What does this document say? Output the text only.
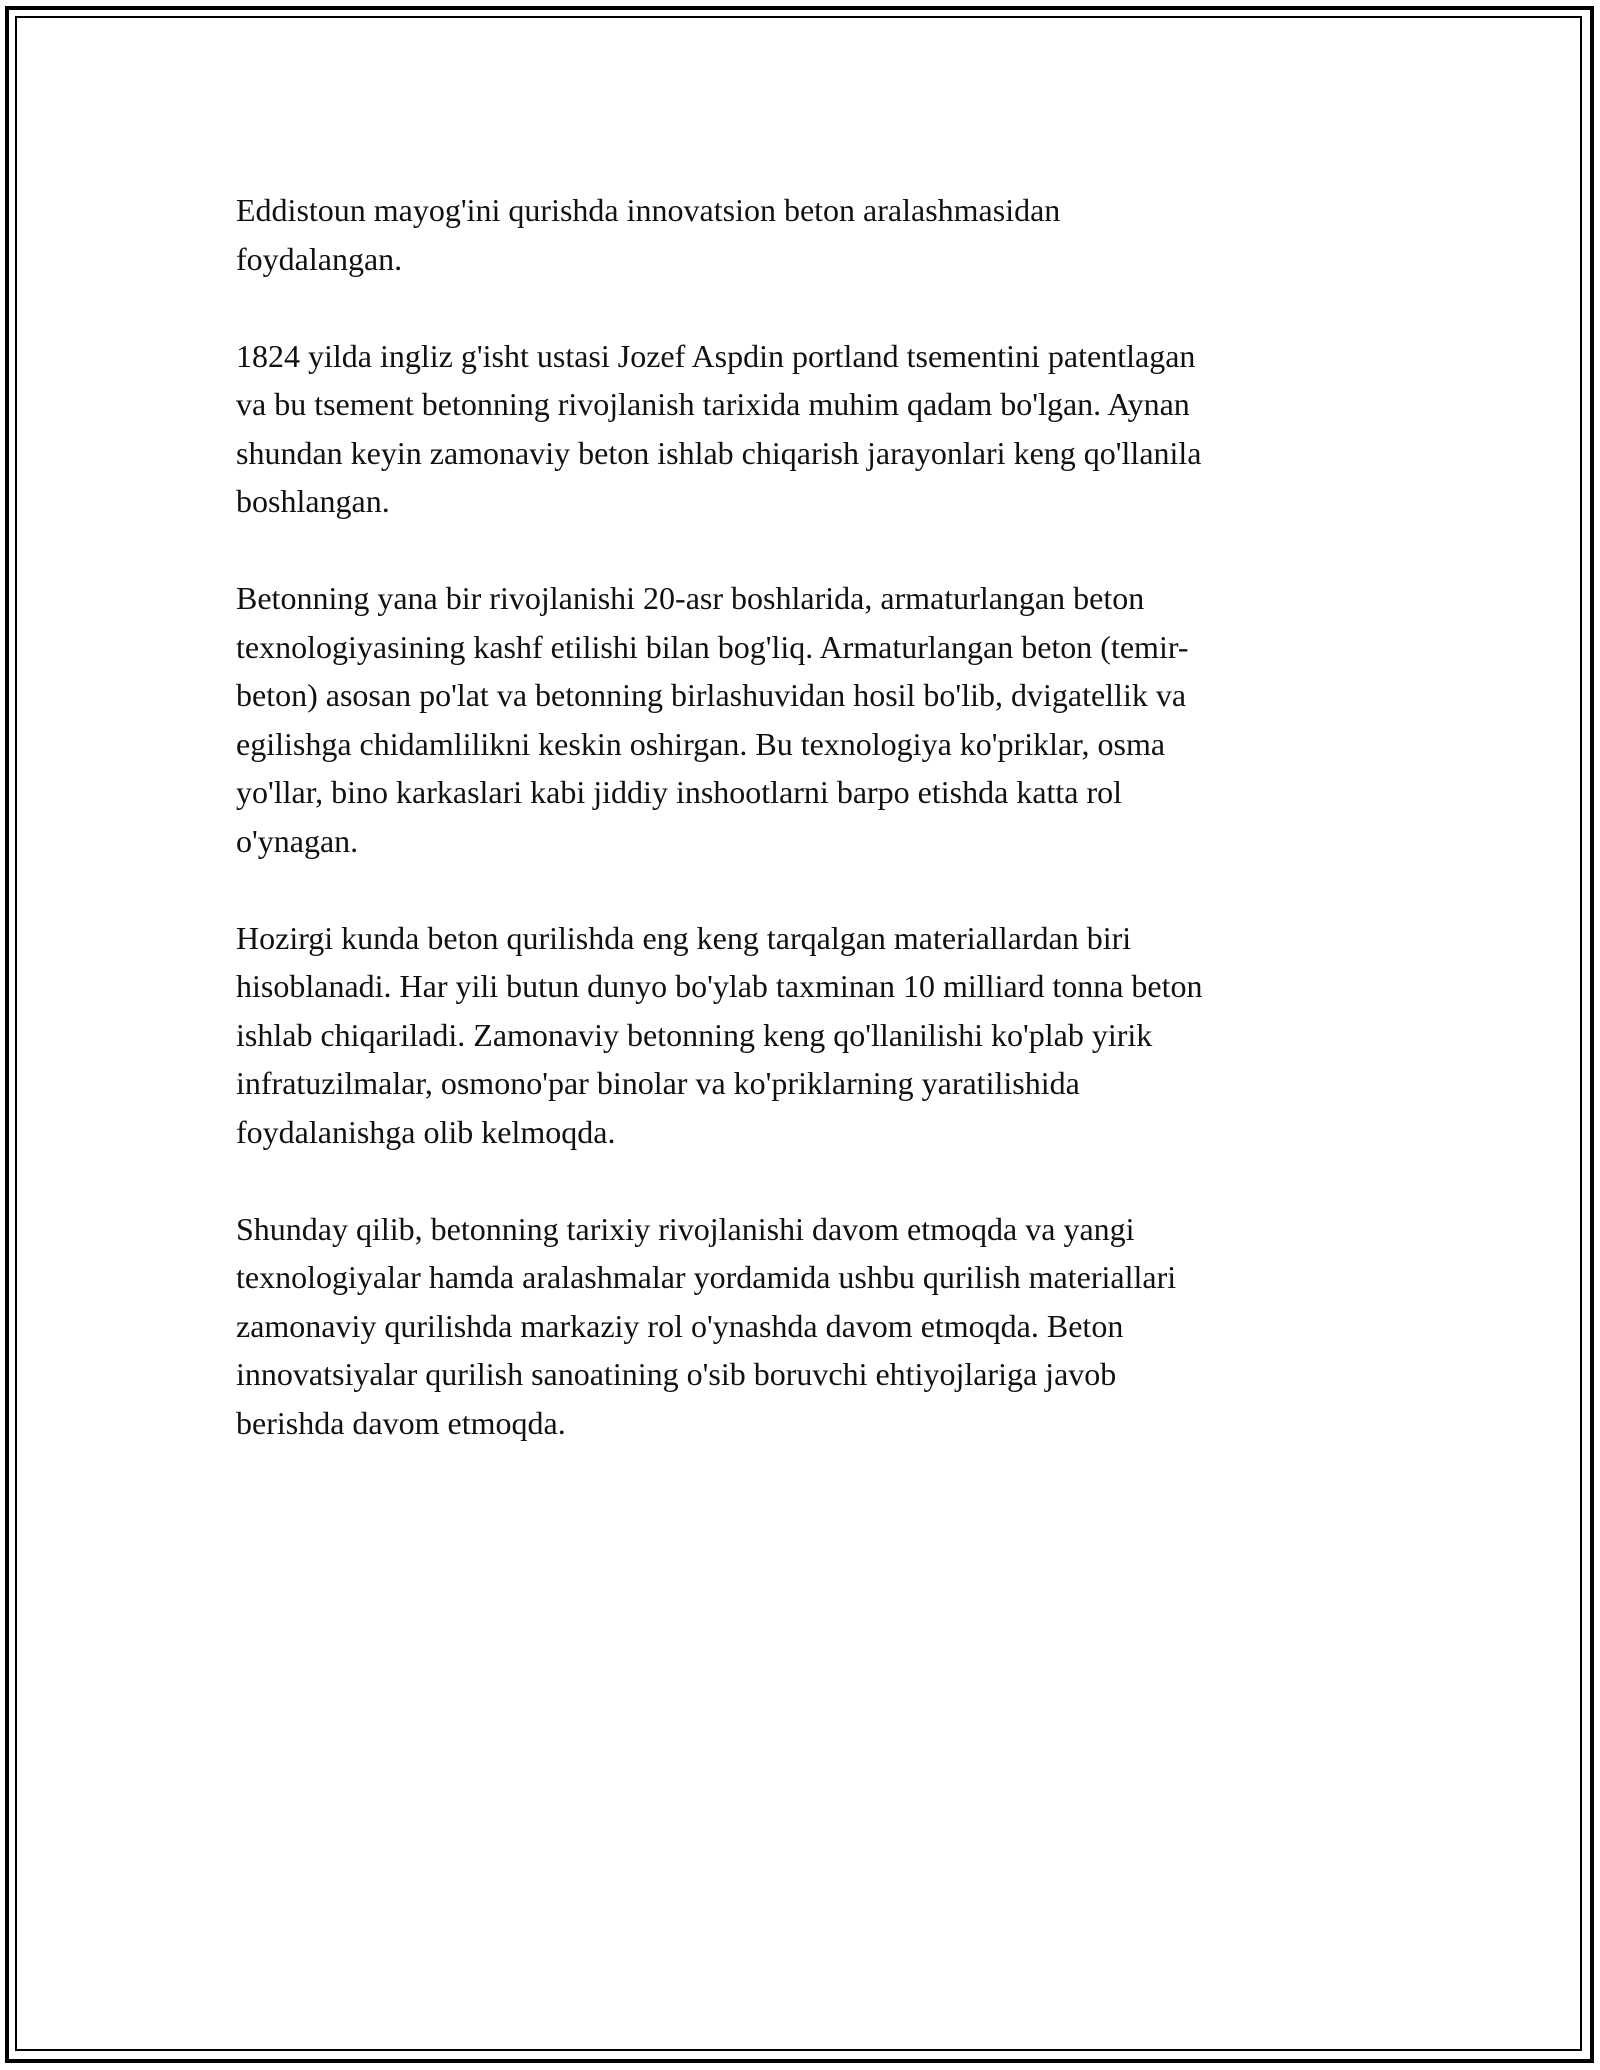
Eddistoun mayog'ini qurishda innovatsion beton aralashmasidan
foydalangan.

1824 yilda ingliz g'isht ustasi Jozef Aspdin portland tsementini patentlagan
va bu tsement betonning rivojlanish tarixida muhim qadam bo'lgan. Aynan
shundan keyin zamonaviy beton ishlab chiqarish jarayonlari keng qo'llanila
boshlangan.

Betonning yana bir rivojlanishi 20-asr boshlarida, armaturlangan beton
texnologiyasining kashf etilishi bilan bog'liq. Armaturlangan beton (temir-
beton) asosan po'lat va betonning birlashuvidan hosil bo'lib, dvigatellik va
egilishga chidamlilikni keskin oshirgan. Bu texnologiya ko'priklar, osma
yo'llar, bino karkaslari kabi jiddiy inshootlarni barpo etishda katta rol
o'ynagan.

Hozirgi kunda beton qurilishda eng keng tarqalgan materiallardan biri
hisoblanadi. Har yili butun dunyo bo'ylab taxminan 10 milliard tonna beton
ishlab chiqariladi. Zamonaviy betonning keng qo'llanilishi ko'plab yirik
infratuzilmalar, osmono'par binolar va ko'priklarning yaratilishida
foydalanishga olib kelmoqda.

Shunday qilib, betonning tarixiy rivojlanishi davom etmoqda va yangi
texnologiyalar hamda aralashmalar yordamida ushbu qurilish materiallari
zamonaviy qurilishda markaziy rol o'ynashda davom etmoqda. Beton
innovatsiyalar qurilish sanoatining o'sib boruvchi ehtiyojlariga javob
berishda davom etmoqda.
